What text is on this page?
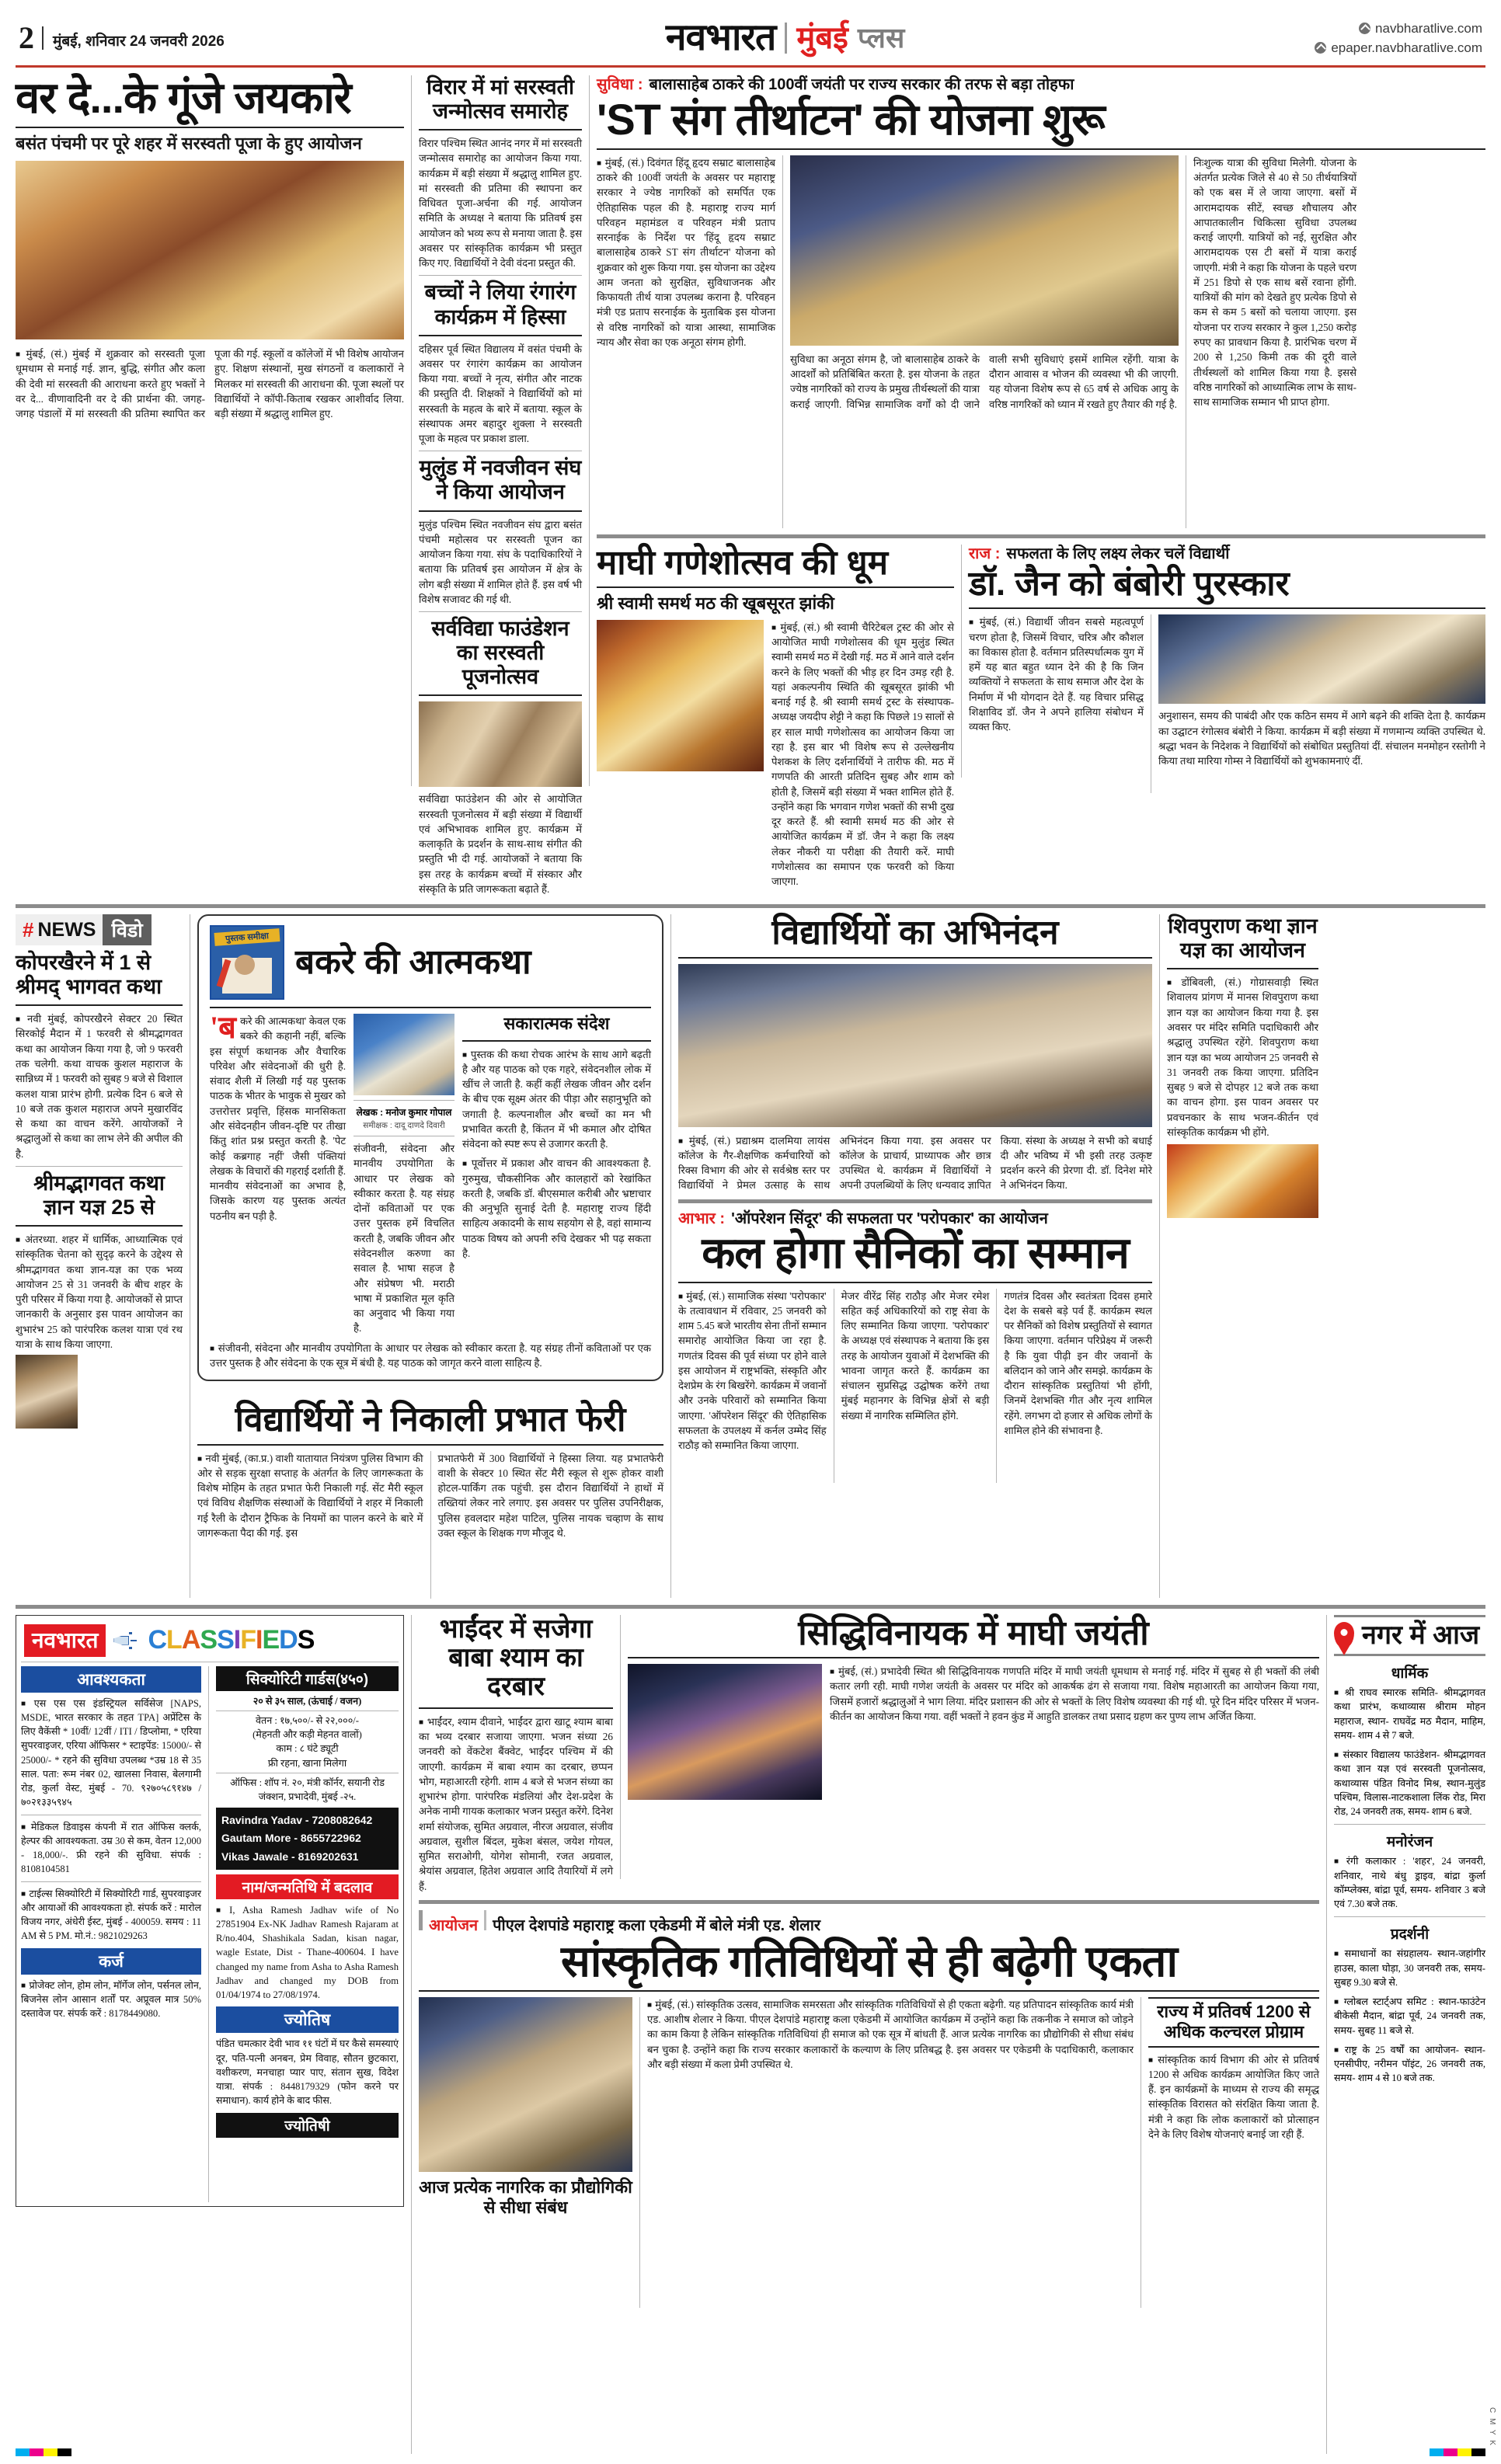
2 मुंबई, शनिवार 24 जनवरी 2026	नवभारत मुंबई प्लस	navbharatlive.com
epaper.navbharatlive.com
वर दे...के गूंजे जयकारे
बसंत पंचमी पर पूरे शहर में सरस्वती पूजा के हुए आयोजन
■ मुंबई, (सं.) मुंबई में शुक्रवार को सरस्वती पूजा धूमधाम से मनाई गई. ज्ञान, बुद्धि, संगीत और कला की देवी मां सरस्वती की आराधना करते हुए भक्तों ने वर दे... वीणावादिनी वर दे की प्रार्थना की. जगह-जगह पंडालों में मां सरस्वती की प्रतिमा स्थापित कर पूजा की गई. स्कूलों व कॉलेजों में भी विशेष आयोजन हुए. शिक्षण संस्थानों, मुख संगठनों व कलाकारों ने मिलकर मां सरस्वती की आराधना की. पूजा स्थलों पर विद्यार्थियों ने कॉपी-किताब रखकर आशीर्वाद लिया. बड़ी संख्या में श्रद्धालु शामिल हुए.
विरार में मां सरस्वती जन्मोत्सव समारोह
विरार पश्चिम स्थित आनंद नगर में मां सरस्वती जन्मोत्सव समारोह का आयोजन किया गया. कार्यक्रम में बड़ी संख्या में श्रद्धालु शामिल हुए. मां सरस्वती की प्रतिमा की स्थापना कर विधिवत पूजा-अर्चना की गई. आयोजन समिति के अध्यक्ष ने बताया कि प्रतिवर्ष इस आयोजन को भव्य रूप से मनाया जाता है. इस अवसर पर सांस्कृतिक कार्यक्रम भी प्रस्तुत किए गए. विद्यार्थियों ने देवी वंदना प्रस्तुत की.
बच्चों ने लिया रंगारंग कार्यक्रम में हिस्सा
दहिसर पूर्व स्थित विद्यालय में वसंत पंचमी के अवसर पर रंगारंग कार्यक्रम का आयोजन किया गया. बच्चों ने नृत्य, संगीत और नाटक की प्रस्तुति दी. शिक्षकों ने विद्यार्थियों को मां सरस्वती के महत्व के बारे में बताया. स्कूल के संस्थापक अमर बहादुर शुक्ला ने सरस्वती पूजा के महत्व पर प्रकाश डाला.
मुलुंड में नवजीवन संघ ने किया आयोजन
मुलुंड पश्चिम स्थित नवजीवन संघ द्वारा बसंत पंचमी महोत्सव पर सरस्वती पूजन का आयोजन किया गया. संघ के पदाधिकारियों ने बताया कि प्रतिवर्ष इस आयोजन में क्षेत्र के लोग बड़ी संख्या में शामिल होते हैं. इस वर्ष भी विशेष सजावट की गई थी.
सर्वविद्या फाउंडेशन का सरस्वती पूजनोत्सव
सर्वविद्या फाउंडेशन की ओर से आयोजित सरस्वती पूजनोत्सव में बड़ी संख्या में विद्यार्थी एवं अभिभावक शामिल हुए. कार्यक्रम में कलाकृति के प्रदर्शन के साथ-साथ संगीत की प्रस्तुति भी दी गई. आयोजकों ने बताया कि इस तरह के कार्यक्रम बच्चों में संस्कार और संस्कृति के प्रति जागरूकता बढ़ाते हैं.
सुविधा : बालासाहेब ठाकरे की 100वीं जयंती पर राज्य सरकार की तरफ से बड़ा तोहफा
'ST संग तीर्थाटन' की योजना शुरू
■ मुंबई, (सं.) दिवंगत हिंदू हृदय सम्राट बालासाहेब ठाकरे की 100वीं जयंती के अवसर पर महाराष्ट्र सरकार ने ज्येष्ठ नागरिकों को समर्पित एक ऐतिहासिक पहल की है. महाराष्ट्र राज्य मार्ग परिवहन महामंडल व परिवहन मंत्री प्रताप सरनाईक के निर्देश पर 'हिंदू हृदय सम्राट बालासाहेब ठाकरे ST संग तीर्थाटन' योजना को शुक्रवार को शुरू किया गया. इस योजना का उद्देश्य आम जनता को सुरक्षित, सुविधाजनक और किफायती तीर्थ यात्रा उपलब्ध कराना है. परिवहन मंत्री एड प्रताप सरनाईक के मुताबिक इस योजना से वरिष्ठ नागरिकों को यात्रा आस्था, सामाजिक न्याय और सेवा का एक अनूठा संगम होगी.
सुविधा का अनूठा संगम है, जो बालासाहेब ठाकरे के आदर्शों को प्रतिबिंबित करता है. इस योजना के तहत ज्येष्ठ नागरिकों को राज्य के प्रमुख तीर्थस्थलों की यात्रा कराई जाएगी. विभिन्न सामाजिक वर्गों को दी जाने वाली सभी सुविधाएं इसमें शामिल रहेंगी. यात्रा के दौरान आवास व भोजन की व्यवस्था भी की जाएगी. यह योजना विशेष रूप से 65 वर्ष से अधिक आयु के वरिष्ठ नागरिकों को ध्यान में रखते हुए तैयार की गई है.
निःशुल्क यात्रा की सुविधा मिलेगी. योजना के अंतर्गत प्रत्येक जिले से 40 से 50 तीर्थयात्रियों को एक बस में ले जाया जाएगा. बसों में आरामदायक सीटें, स्वच्छ शौचालय और आपातकालीन चिकित्सा सुविधा उपलब्ध कराई जाएगी. यात्रियों को नई, सुरक्षित और आरामदायक एस टी बसों में यात्रा कराई जाएगी. मंत्री ने कहा कि योजना के पहले चरण में 251 डिपो से एक साथ बसें रवाना होंगी. यात्रियों की मांग को देखते हुए प्रत्येक डिपो से कम से कम 5 बसों को चलाया जाएगा. इस योजना पर राज्य सरकार ने कुल 1,250 करोड़ रुपए का प्रावधान किया है. प्रारंभिक चरण में 200 से 1,250 किमी तक की दूरी वाले तीर्थस्थलों को शामिल किया गया है. इससे वरिष्ठ नागरिकों को आध्यात्मिक लाभ के साथ-साथ सामाजिक सम्मान भी प्राप्त होगा.
माघी गणेशोत्सव की धूम
श्री स्वामी समर्थ मठ की खूबसूरत झांकी
■ मुंबई, (सं.) श्री स्वामी चैरिटेबल ट्रस्ट की ओर से आयोजित माघी गणेशोत्सव की धूम मुलुंड स्थित स्वामी समर्थ मठ में देखी गई. मठ में आने वाले दर्शन करने के लिए भक्तों की भीड़ हर दिन उमड़ रही है. यहां अकल्पनीय स्थिति की खूबसूरत झांकी भी बनाई गई है. श्री स्वामी समर्थ ट्रस्ट के संस्थापक-अध्यक्ष जयदीप शेट्टी ने कहा कि पिछले 19 सालों से हर साल माघी गणेशोत्सव का आयोजन किया जा रहा है. इस बार भी विशेष रूप से उल्लेखनीय पेशकश के लिए दर्शनार्थियों ने तारीफ की. मठ में गणपति की आरती प्रतिदिन सुबह और शाम को होती है, जिसमें बड़ी संख्या में भक्त शामिल होते हैं. उन्होंने कहा कि भगवान गणेश भक्तों की सभी दुख दूर करते हैं. श्री स्वामी समर्थ मठ की ओर से आयोजित कार्यक्रम में डॉ. जैन ने कहा कि लक्ष्य लेकर नौकरी या परीक्षा की तैयारी करें. माघी गणेशोत्सव का समापन एक फरवरी को किया जाएगा.
राज : सफलता के लिए लक्ष्य लेकर चलें विद्यार्थी
डॉ. जैन को बंबोरी पुरस्कार
■ मुंबई, (सं.) विद्यार्थी जीवन सबसे महत्वपूर्ण चरण होता है, जिसमें विचार, चरित्र और कौशल का विकास होता है. वर्तमान प्रतिस्पर्धात्मक युग में हमें यह बात बहुत ध्यान देने की है कि जिन व्यक्तियों ने सफलता के साथ समाज और देश के निर्माण में भी योगदान देते हैं. यह विचार प्रसिद्ध शिक्षाविद डॉ. जैन ने अपने हालिया संबोधन में व्यक्त किए.
अनुशासन, समय की पाबंदी और एक कठिन समय में आगे बढ़ने की शक्ति देता है. कार्यक्रम का उद्घाटन रंगोत्सव बंबोरी ने किया. कार्यक्रम में बड़ी संख्या में गणमान्य व्यक्ति उपस्थित थे. श्रद्धा भवन के निदेशक ने विद्यार्थियों को संबोधित प्रस्तुतियां दीं. संचालन मनमोहन रस्तोगी ने किया तथा मारिया गोम्स ने विद्यार्थियों को शुभकामनाएं दीं.
# NEWS विडो
कोपरखैरने में 1 से श्रीमद् भागवत कथा
■ नवी मुंबई, कोपरखैरने सेक्टर 20 स्थित सिरकोई मैदान में 1 फरवरी से श्रीमद्भागवत कथा का आयोजन किया गया है, जो 9 फरवरी तक चलेगी. कथा वाचक कुशल महाराज के सान्निध्य में 1 फरवरी को सुबह 9 बजे से विशाल कलश यात्रा प्रारंभ होगी. प्रत्येक दिन 6 बजे से 10 बजे तक कुशल महाराज अपने मुखारविंद से कथा का वाचन करेंगे. आयोजकों ने श्रद्धालुओं से कथा का लाभ लेने की अपील की है.
श्रीमद्भागवत कथा ज्ञान यज्ञ 25 से
■ अंतरध्या. शहर में धार्मिक, आध्यात्मिक एवं सांस्कृतिक चेतना को सुदृढ़ करने के उद्देश्य से श्रीमद्भागवत कथा ज्ञान-यज्ञ का एक भव्य आयोजन 25 से 31 जनवरी के बीच शहर के पुरी परिसर में किया गया है. आयोजकों से प्राप्त जानकारी के अनुसार इस पावन आयोजन का शुभारंभ 25 को पारंपरिक कलश यात्रा एवं रथ यात्रा के साथ किया जाएगा.
पुस्तक समीक्षा
बकरे की आत्मकथा
'ब करे की आत्मकथा' केवल एक बकरे की कहानी नहीं, बल्कि इस संपूर्ण कथानक और वैचारिक परिवेश और संवेदनाओं की धुरी है. संवाद शैली में लिखी गई यह पुस्तक पाठक के भीतर के भावुक से मुखर को उत्तरोत्तर प्रवृत्ति, हिंसक मानसिकता और संवेदनहीन जीवन-दृष्टि पर तीखा किंतु शांत प्रश्न प्रस्तुत करती है. 'पेट कोई कब्रगाह नहीं' जैसी पंक्तियां लेखक के विचारों की गहराई दर्शाती हैं. मानवीय संवेदनाओं का अभाव है, जिसके कारण यह पुस्तक अत्यंत पठनीय बन पड़ी है.
लेखक : मनोज कुमार गोपाल
समीक्षक : दादू दाणदे दिवारी
संजीवनी, संवेदना और मानवीय उपयोगिता के आधार पर लेखक को स्वीकार करता है. यह संग्रह दोनों कविताओं पर एक उत्तर पुस्तक हमें विचलित करती है, जबकि जीवन और संवेदनशील करुणा का सवाल है. भाषा सहज है और संप्रेषण भी. मराठी भाषा में प्रकाशित मूल कृति का अनुवाद भी किया गया है.
सकारात्मक संदेश
■ पुस्तक की कथा रोचक आरंभ के साथ आगे बढ़ती है और यह पाठक को एक गहरे, संवेदनशील लोक में खींच ले जाती है. कहीं कहीं लेखक जीवन और दर्शन के बीच एक सूक्ष्म अंतर की पीड़ा और सहानुभूति को जगाती है. कल्पनाशील और बच्चों का मन भी प्रभावित करती है, किंतन में भी कमाल और दोषित संवेदना को स्पष्ट रूप से उजागर करती है.
■ पूर्वोत्तर में प्रकाश और वाचन की आवश्यकता है. गुरुमुख, चौकसीनिक और कालहारों को रेखांकित करती है, जबकि डॉ. बीएसमाल करीबी और भ्रष्टाचार की अनुभूति सुनाई देती है. महाराष्ट्र राज्य हिंदी साहित्य अकादमी के साथ सहयोग से है, वहां सामान्य पाठक विषय को अपनी रुचि देखकर भी पढ़ सकता है.
■ संजीवनी, संवेदना और मानवीय उपयोगिता के आधार पर लेखक को स्वीकार करता है. यह संग्रह तीनों कविताओं पर एक उत्तर पुस्तक है और संवेदना के एक सूत्र में बंधी है. यह पाठक को जागृत करने वाला साहित्य है.
विद्यार्थियों ने निकाली प्रभात फेरी
■ नवी मुंबई, (का.प्र.) वाशी यातायात नियंत्रण पुलिस विभाग की ओर से सड़क सुरक्षा सप्ताह के अंतर्गत के लिए जागरूकता के विशेष मोहिम के तहत प्रभात फेरी निकाली गई. सेंट मैरी स्कूल एवं विविध शैक्षणिक संस्थाओं के विद्यार्थियों ने शहर में निकाली गई रैली के दौरान ट्रैफिक के नियमों का पालन करने के बारे में जागरूकता पैदा की गई. इस
प्रभातफेरी में 300 विद्यार्थियों ने हिस्सा लिया. यह प्रभातफेरी वाशी के सेक्टर 10 स्थित सेंट मैरी स्कूल से शुरू होकर वाशी होटल-पार्किंग तक पहुंची. इस दौरान विद्यार्थियों ने हाथों में तख्तियां लेकर नारे लगाए. इस अवसर पर पुलिस उपनिरीक्षक, पुलिस हवलदार महेश पाटिल, पुलिस नायक चव्हाण के साथ उक्त स्कूल के शिक्षक गण मौजूद थे.
विद्यार्थियों का अभिनंदन
■ मुंबई, (सं.) प्रद्याश्रम दालमिया लायंस कॉलेज के गैर-शैक्षणिक कर्मचारियों को रिक्स विभाग की ओर से सर्वश्रेष्ठ स्तर पर विद्यार्थियों ने प्रेमल उत्साह के साथ अभिनंदन किया गया. इस अवसर पर कॉलेज के प्राचार्य, प्राध्यापक और छात्र उपस्थित थे. कार्यक्रम में विद्यार्थियों ने अपनी उपलब्धियों के लिए धन्यवाद ज्ञापित किया. संस्था के अध्यक्ष ने सभी को बधाई दी और भविष्य में भी इसी तरह उत्कृष्ट प्रदर्शन करने की प्रेरणा दी. डॉ. दिनेश मोरे ने अभिनंदन किया.
आभार : 'ऑपरेशन सिंदूर' की सफलता पर 'परोपकार' का आयोजन
कल होगा सैनिकों का सम्मान
■ मुंबई, (सं.) सामाजिक संस्था 'परोपकार' के तत्वावधान में रविवार, 25 जनवरी को शाम 5.45 बजे भारतीय सेना तीनों सम्मान समारोह आयोजित किया जा रहा है. गणतंत्र दिवस की पूर्व संध्या पर होने वाले इस आयोजन में राष्ट्रभक्ति, संस्कृति और देशप्रेम के रंग बिखरेंगे. कार्यक्रम में जवानों और उनके परिवारों को सम्मानित किया जाएगा. 'ऑपरेशन सिंदूर' की ऐतिहासिक सफलता के उपलक्ष्य में कर्नल उम्मेद सिंह राठौड़ को सम्मानित किया जाएगा.
मेजर वीरेंद्र सिंह राठौड़ और मेजर रमेश सहित कई अधिकारियों को राष्ट्र सेवा के लिए सम्मानित किया जाएगा. 'परोपकार' के अध्यक्ष एवं संस्थापक ने बताया कि इस तरह के आयोजन युवाओं में देशभक्ति की भावना जागृत करते हैं. कार्यक्रम का संचालन सुप्रसिद्ध उद्घोषक करेंगे तथा मुंबई महानगर के विभिन्न क्षेत्रों से बड़ी संख्या में नागरिक सम्मिलित होंगे.
गणतंत्र दिवस और स्वतंत्रता दिवस हमारे देश के सबसे बड़े पर्व हैं. कार्यक्रम स्थल पर सैनिकों को विशेष प्रस्तुतियों से स्वागत किया जाएगा. वर्तमान परिप्रेक्ष्य में जरूरी है कि युवा पीढ़ी इन वीर जवानों के बलिदान को जाने और समझे. कार्यक्रम के दौरान सांस्कृतिक प्रस्तुतियां भी होंगी, जिनमें देशभक्ति गीत और नृत्य शामिल रहेंगे. लगभग दो हजार से अधिक लोगों के शामिल होने की संभावना है.
शिवपुराण कथा ज्ञान यज्ञ का आयोजन
■ डोंबिवली, (सं.) गोग्रासवाड़ी स्थित शिवालय प्रांगण में मानस शिवपुराण कथा ज्ञान यज्ञ का आयोजन किया गया है. इस अवसर पर मंदिर समिति पदाधिकारी और श्रद्धालु उपस्थित रहेंगे. शिवपुराण कथा ज्ञान यज्ञ का भव्य आयोजन 25 जनवरी से 31 जनवरी तक किया जाएगा. प्रतिदिन सुबह 9 बजे से दोपहर 12 बजे तक कथा का वाचन होगा. इस पावन अवसर पर प्रवचनकार के साथ भजन-कीर्तन एवं सांस्कृतिक कार्यक्रम भी होंगे.
नवभारत CLASSIFIEDS
आवश्यकता
■ एस एस एस इंडस्ट्रियल सर्विसेज [NAPS, MSDE, भारत सरकार के तहत TPA] अप्रेंटिस के लिए वैकेंसी * 10वीं/ 12वीं / ITI / डिप्लोमा, * एरिया सुपरवाइजर, एरिया ऑफिसर * स्टाइपेंड: 15000/- से 25000/- * रहने की सुविधा उपलब्ध *उम्र 18 से 35 साल. पता: रूम नंबर 02, खालसा निवास, बेलगामी रोड, कुर्ला वेस्ट, मुंबई - 70. ९२७०५८९१४७ / ७०२१३३५९४५
■ मेडिकल डिवाइस कंपनी में रात ऑफिस क्लर्क, हेल्पर की आवश्यकता. उम्र 30 से कम, वेतन 12,000 - 18,000/-. फ्री रहने की सुविधा. संपर्क : 8108104581
■ टाईल्स सिक्योरिटी में सिक्योरिटी गार्ड, सुपरवाइजर और आयाओं की आवश्यकता हो. संपर्क करें : मारोल विजय नगर, अंधेरी ईस्ट, मुंबई - 400059. समय : 11 AM से 5 PM. मो.नं.: 9821029263
कर्ज
■ प्रोजेक्ट लोन, होम लोन, मॉर्गेज लोन, पर्सनल लोन, बिजनेस लोन आसान शर्तों पर. अप्रूवल मात्र 50% दस्तावेज पर. संपर्क करें : 8178449080.
सिक्योरिटी गार्डस(४५०)
२० से ३५ साल, (ऊंचाई / वजन)
वेतन : १७,५००/- से २२,०००/-
(मेहनती और कड़ी मेहनत वालों)
काम : ८ घंटे ड्यूटी
फ्री रहना, खाना मिलेगा
ऑफिस : शॉप नं. २०, मंत्री कॉर्नर, सयानी रोड जंक्शन, प्रभादेवी, मुंबई -२५.
Ravindra Yadav - 7208082642
Gautam More - 8655722962
Vikas Jawale - 8169202631
नाम/जन्मतिथि में बदलाव
■ I, Asha Ramesh Jadhav wife of No 27851904 Ex-NK Jadhav Ramesh Rajaram at R/no.404, Shashikala Sadan, kisan nagar, wagle Estate, Dist - Thane-400604. I have changed my name from Asha to Asha Ramesh Jadhav and changed my DOB from 01/04/1974 to 27/08/1974.
ज्योतिष
पंडित चमत्कार देवी भाव ११ घंटों में घर कैसे समस्याएं दूर, पति-पत्नी अनबन, प्रेम विवाह, सौतन छुटकारा, वशीकरण, मनचाहा प्यार पाए, संतान सुख, विदेश यात्रा. संपर्क : 8448179329 (फोन करने पर समाधान). कार्य होने के बाद फीस.
ज्योतिषी
भाईंदर में सजेगा बाबा श्याम का दरबार
■ भाईंदर, श्याम दीवाने, भाईंदर द्वारा खाटू श्याम बाबा का भव्य दरबार सजाया जाएगा. भजन संध्या 26 जनवरी को वेंकटेश बैंक्वेट, भाईंदर पश्चिम में की जाएगी. कार्यक्रम में बाबा श्याम का दरबार, छप्पन भोग, महाआरती रहेगी. शाम 4 बजे से भजन संध्या का शुभारंभ होगा. पारंपरिक मंडलियां और देश-प्रदेश के अनेक नामी गायक कलाकार भजन प्रस्तुत करेंगे. दिनेश शर्मा संयोजक, सुमित अग्रवाल, नीरज अग्रवाल, संजीव अग्रवाल, सुशील बिंदल, मुकेश बंसल, जयेश गोयल, सुमित सराओगी, योगेश सोमानी, रजत अग्रवाल, श्रेयांस अग्रवाल, हितेश अग्रवाल आदि तैयारियों में लगे हैं.
सिद्धिविनायक में माघी जयंती
■ मुंबई, (सं.) प्रभादेवी स्थित श्री सिद्धिविनायक गणपति मंदिर में माघी जयंती धूमधाम से मनाई गई. मंदिर में सुबह से ही भक्तों की लंबी कतार लगी रही. माघी गणेश जयंती के अवसर पर मंदिर को आकर्षक ढंग से सजाया गया. विशेष महाआरती का आयोजन किया गया, जिसमें हजारों श्रद्धालुओं ने भाग लिया. मंदिर प्रशासन की ओर से भक्तों के लिए विशेष व्यवस्था की गई थी. पूरे दिन मंदिर परिसर में भजन-कीर्तन का आयोजन किया गया. वहीं भक्तों ने हवन कुंड में आहुति डालकर तथा प्रसाद ग्रहण कर पुण्य लाभ अर्जित किया.
आयोजन पीएल देशपांडे महाराष्ट्र कला एकेडमी में बोले मंत्री एड. शेलार
सांस्कृतिक गतिविधियों से ही बढ़ेगी एकता
आज प्रत्येक नागरिक का प्रौद्योगिकी से सीधा संबंध
■ मुंबई, (सं.) सांस्कृतिक उत्सव, सामाजिक समरसता और सांस्कृतिक गतिविधियों से ही एकता बढ़ेगी. यह प्रतिपादन सांस्कृतिक कार्य मंत्री एड. आशीष शेलार ने किया. पीएल देशपांडे महाराष्ट्र कला एकेडमी में आयोजित कार्यक्रम में उन्होंने कहा कि तकनीक ने समाज को जोड़ने का काम किया है लेकिन सांस्कृतिक गतिविधियां ही समाज को एक सूत्र में बांधती हैं. आज प्रत्येक नागरिक का प्रौद्योगिकी से सीधा संबंध बन चुका है. उन्होंने कहा कि राज्य सरकार कलाकारों के कल्याण के लिए प्रतिबद्ध है. इस अवसर पर एकेडमी के पदाधिकारी, कलाकार और बड़ी संख्या में कला प्रेमी उपस्थित थे.
राज्य में प्रतिवर्ष 1200 से अधिक कल्चरल प्रोग्राम
■ सांस्कृतिक कार्य विभाग की ओर से प्रतिवर्ष 1200 से अधिक कार्यक्रम आयोजित किए जाते हैं. इन कार्यक्रमों के माध्यम से राज्य की समृद्ध सांस्कृतिक विरासत को संरक्षित किया जाता है. मंत्री ने कहा कि लोक कलाकारों को प्रोत्साहन देने के लिए विशेष योजनाएं बनाई जा रही हैं.
नगर में आज
धार्मिक
■ श्री राघव स्मारक समिति- श्रीमद्भागवत कथा प्रारंभ, कथाव्यास श्रीराम मोहन महाराज, स्थान- राघवेंद्र मठ मैदान, माहिम, समय- शाम 4 से 7 बजे.
■ संस्कार विद्यालय फाउंडेशन- श्रीमद्भागवत कथा ज्ञान यज्ञ एवं सरस्वती पूजनोत्सव, कथाव्यास पंडित विनोद मिश्र, स्थान-मुलुंड पश्चिम, विलास-नाटकशाला लिंक रोड, मिरा रोड, 24 जनवरी तक, समय- शाम 6 बजे.
मनोरंजन
■ रंगी कलाकार : 'शहर', 24 जनवरी, शनिवार, नाथे बंधु ड्राइव, बांद्रा कुर्ला कॉम्प्लेक्स, बांद्रा पूर्व, समय- शनिवार 3 बजे एवं 7.30 बजे तक.
प्रदर्शनी
■ समाधानों का संग्रहालय- स्थान-जहांगीर हाउस, काला घोड़ा, 30 जनवरी तक, समय- सुबह 9.30 बजे से.
■ ग्लोबल स्टार्ट्अप समिट : स्थान-फाउंटेन बीकेसी मैदान, बांद्रा पूर्व, 24 जनवरी तक, समय- सुबह 11 बजे से.
■ राष्ट्र के 25 वर्षों का आयोजन- स्थान-एनसीपीए, नरीमन पॉइंट, 26 जनवरी तक, समय- शाम 4 से 10 बजे तक.
C M Y K
